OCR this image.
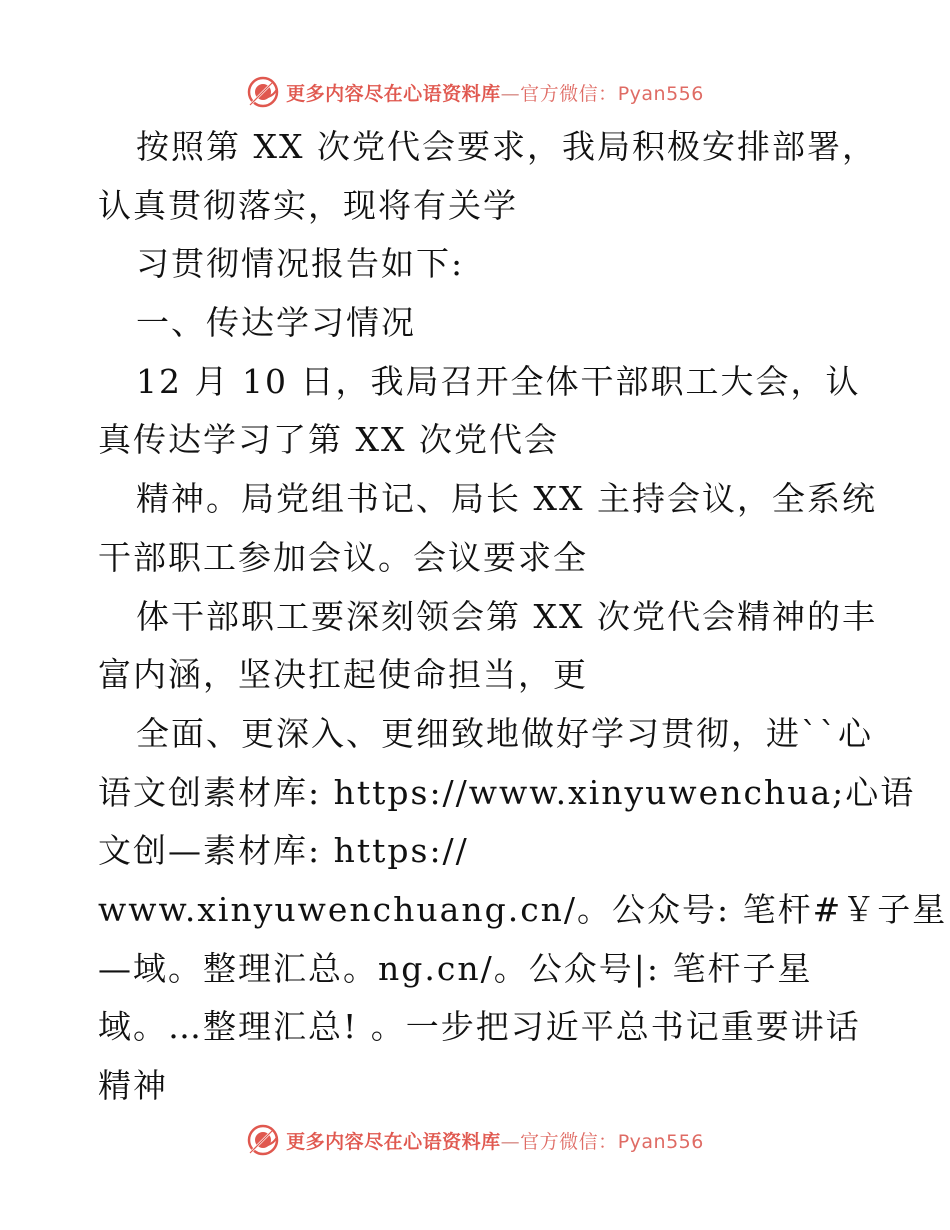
更多内容尽在心语资料库—官方微信：Pyan556
按照第 XX 次党代会要求，我局积极安排部署，
认真贯彻落实，现将有关学
习贯彻情况报告如下:
一、传达学习情况
12 月 10 日，我局召开全体干部职工大会，认
真传达学习了第 XX 次党代会
精神。局党组书记、局长 XX 主持会议，全系统
干部职工参加会议。会议要求全
体干部职工要深刻领会第 XX 次党代会精神的丰
富内涵，坚决扛起使命担当，更
全面、更深入、更细致地做好学习贯彻，进``心
语文创素材库: https://www.xinyuwenchua;心语
文创—素材库: https://
www.xinyuwenchuang.cn/。公众号: 笔杆#￥子星
—域。整理汇总。ng.cn/。公众号|: 笔杆子星
域。…整理汇总! 。一步把习近平总书记重要讲话
精神
更多内容尽在心语资料库—官方微信：Pyan556
